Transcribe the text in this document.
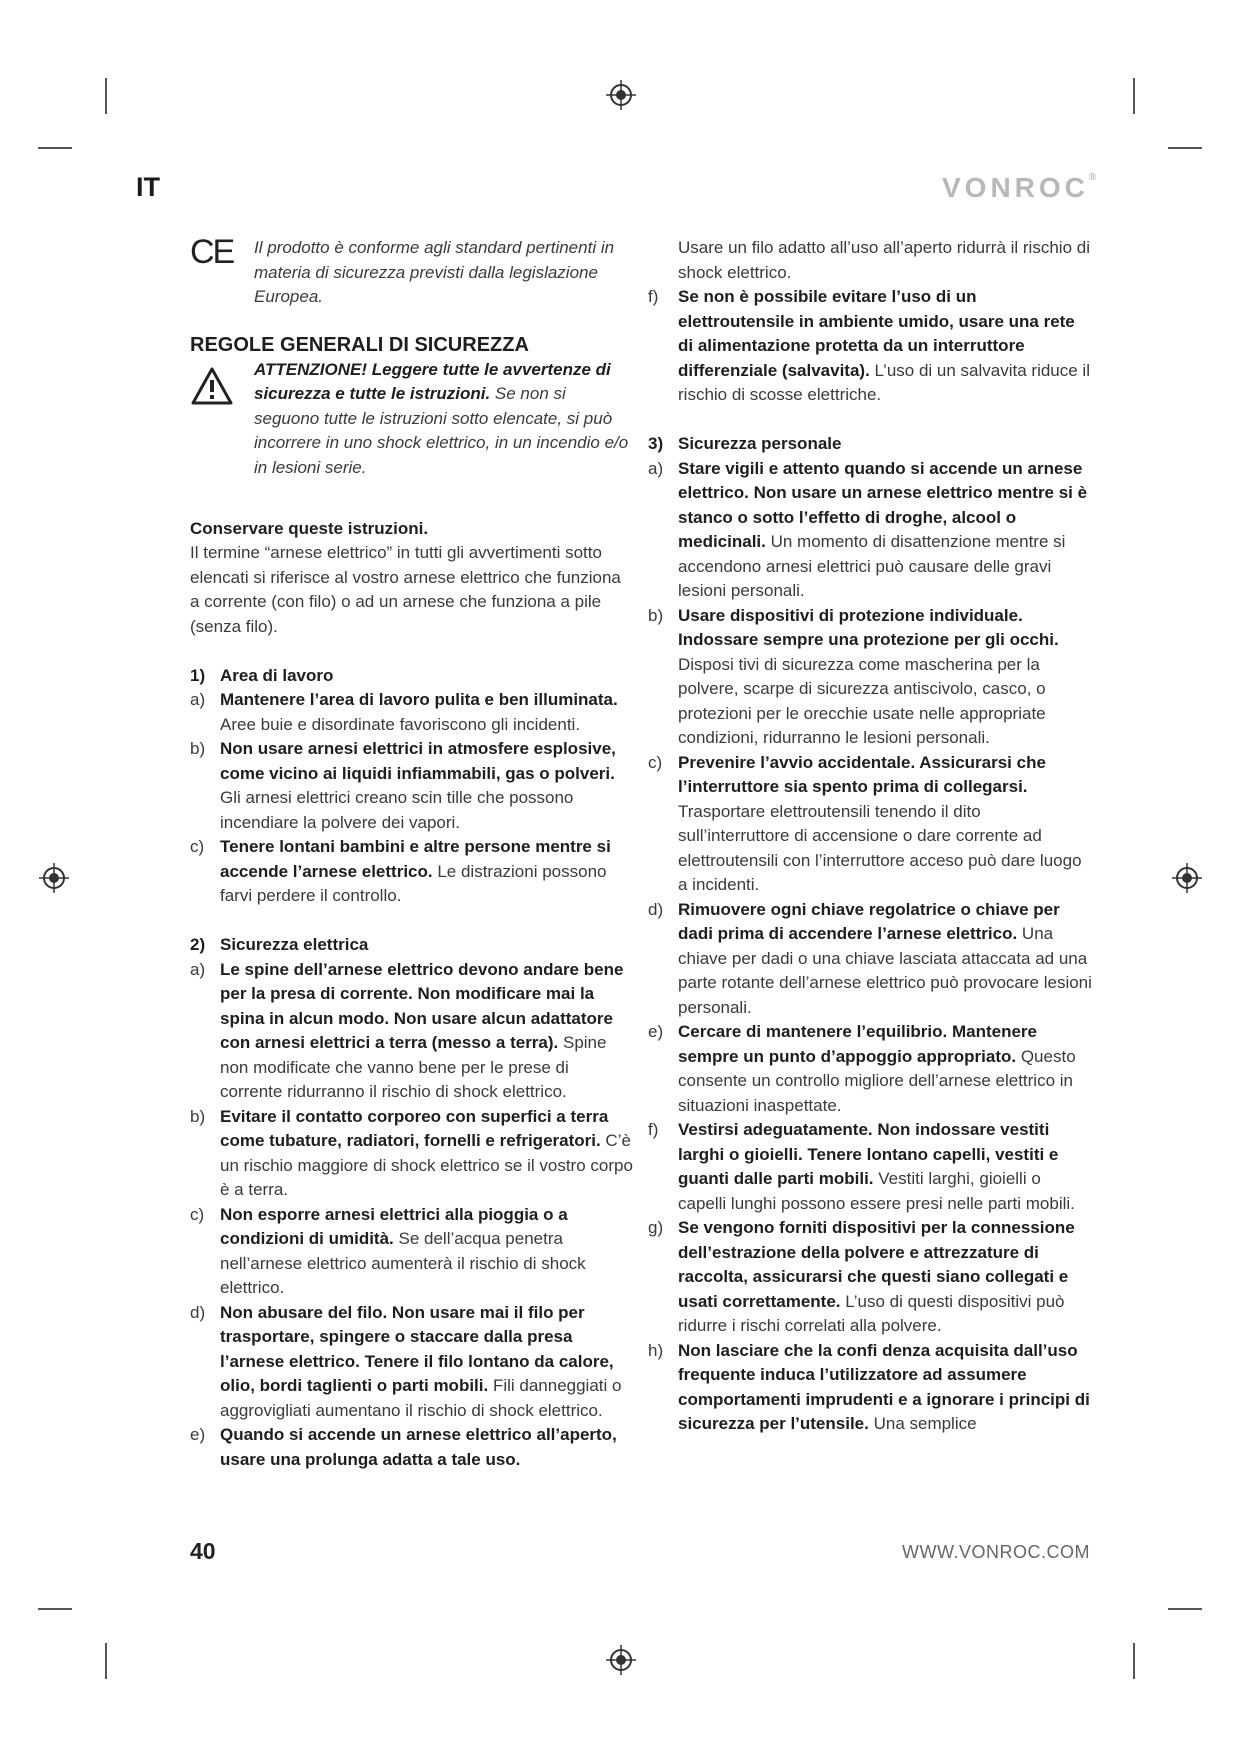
IT	VONROC®
CE Il prodotto è conforme agli standard pertinenti in materia di sicurezza previsti dalla legislazione Europea.
REGOLE GENERALI DI SICUREZZA
ATTENZIONE! Leggere tutte le avvertenze di sicurezza e tutte le istruzioni. Se non si seguono tutte le istruzioni sotto elencate, si può incorrere in uno shock elettrico, in un incendio e/o in lesioni serie.
Conservare queste istruzioni.
Il termine “arnese elettrico” in tutti gli avvertimenti sotto elencati si riferisce al vostro arnese elettrico che funziona a corrente (con filo) o ad un arnese che funziona a pile (senza filo).
1) Area di lavoro
a) Mantenere l’area di lavoro pulita e ben illuminata. Aree buie e disordinate favoriscono gli incidenti.
b) Non usare arnesi elettrici in atmosfere esplosive, come vicino ai liquidi infiammabili, gas o polveri. Gli arnesi elettrici creano scin tille che possono incendiare la polvere dei vapori.
c) Tenere lontani bambini e altre persone mentre si accende l’arnese elettrico. Le distrazioni possono farvi perdere il controllo.
2) Sicurezza elettrica
a) Le spine dell’arnese elettrico devono andare bene per la presa di corrente. Non modificare mai la spina in alcun modo. Non usare alcun adattatore con arnesi elettrici a terra (messo a terra). Spine non modificate che vanno bene per le prese di corrente ridurranno il rischio di shock elettrico.
b) Evitare il contatto corporeo con superfici a terra come tubature, radiatori, fornelli e refrigeratori. C’è un rischio maggiore di shock elettrico se il vostro corpo è a terra.
c) Non esporre arnesi elettrici alla pioggia o a condizioni di umidità. Se dell’acqua penetra nell’arnese elettrico aumenterà il rischio di shock elettrico.
d) Non abusare del filo. Non usare mai il filo per trasportare, spingere o staccare dalla presa l’arnese elettrico. Tenere il filo lontano da calore, olio, bordi taglienti o parti mobili. Fili danneggiati o aggrovigliati aumentano il rischio di shock elettrico.
e) Quando si accende un arnese elettrico all’aperto, usare una prolunga adatta a tale uso.
Usare un filo adatto all’uso all’aperto ridurrà il rischio di shock elettrico.
f) Se non è possibile evitare l’uso di un elettroutensile in ambiente umido, usare una rete di alimentazione protetta da un interruttore differenziale (salvavita). L’uso di un salvavita riduce il rischio di scosse elettriche.
3) Sicurezza personale
a) Stare vigili e attento quando si accende un arnese elettrico. Non usare un arnese elettrico mentre si è stanco o sotto l’effetto di droghe, alcool o medicinali. Un momento di disattenzione mentre si accendono arnesi elettrici può causare delle gravi lesioni personali.
b) Usare dispositivi di protezione individuale. Indossare sempre una protezione per gli occhi. Disposi tivi di sicurezza come mascherina per la polvere, scarpe di sicurezza antiscivolo, casco, o protezioni per le orecchie usate nelle appropriate condizioni, ridurranno le lesioni personali.
c) Prevenire l’avvio accidentale. Assicurarsi che l’interruttore sia spento prima di collegarsi. Trasportare elettroutensili tenendo il dito sull’interruttore di accensione o dare corrente ad elettroutensili con l’interruttore acceso può dare luogo a incidenti.
d) Rimuovere ogni chiave regolatrice o chiave per dadi prima di accendere l’arnese elettrico. Una chiave per dadi o una chiave lasciata attaccata ad una parte rotante dell’arnese elettrico può provocare lesioni personali.
e) Cercare di mantenere l’equilibrio. Mantenere sempre un punto d’appoggio appropriato. Questo consente un controllo migliore dell’arnese elettrico in situazioni inaspettate.
f) Vestirsi adeguatamente. Non indossare vestiti larghi o gioielli. Tenere lontano capelli, vestiti e guanti dalle parti mobili. Vestiti larghi, gioielli o capelli lunghi possono essere presi nelle parti mobili.
g) Se vengono forniti dispositivi per la connessione dell’estrazione della polvere e attrezzature di raccolta, assicurarsi che questi siano collegati e usati correttamente. L’uso di questi dispositivi può ridurre i rischi correlati alla polvere.
h) Non lasciare che la confi denza acquisita dall’uso frequente induca l’utilizzatore ad assumere comportamenti imprudenti e a ignorare i principi di sicurezza per l’utensile. Una semplice
40	WWW.VONROC.COM
